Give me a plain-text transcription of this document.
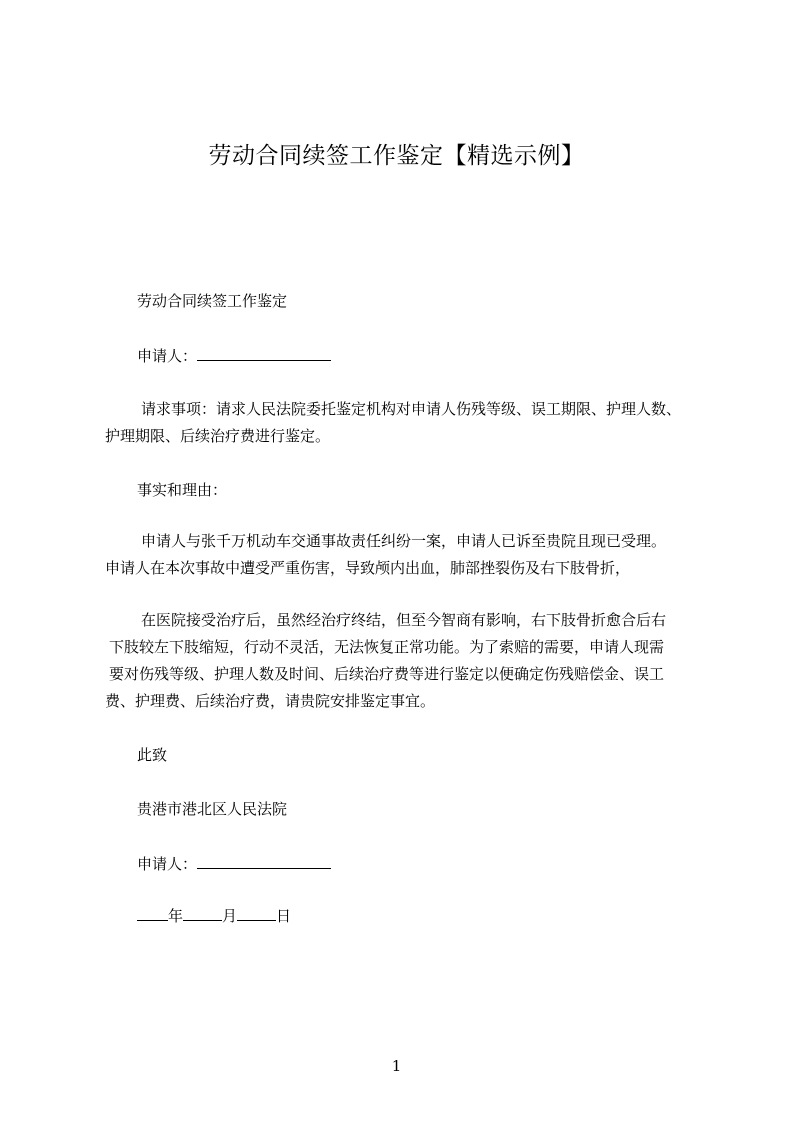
劳动合同续签工作鉴定【精选示例】
劳动合同续签工作鉴定
申请人：
请求事项：请求人民法院委托鉴定机构对申请人伤残等级、误工期限、护理人数、
护理期限、后续治疗费进行鉴定。
事实和理由：
申请人与张千万机动车交通事故责任纠纷一案，申请人已诉至贵院且现已受理。
申请人在本次事故中遭受严重伤害，导致颅内出血，肺部挫裂伤及右下肢骨折，
在医院接受治疗后，虽然经治疗终结，但至今智商有影响，右下肢骨折愈合后右
下肢较左下肢缩短，行动不灵活，无法恢复正常功能。为了索赔的需要，申请人现需
要对伤残等级、护理人数及时间、后续治疗费等进行鉴定以便确定伤残赔偿金、误工
费、护理费、后续治疗费，请贵院安排鉴定事宜。
此致
贵港市港北区人民法院
申请人：
年	月	日
1
